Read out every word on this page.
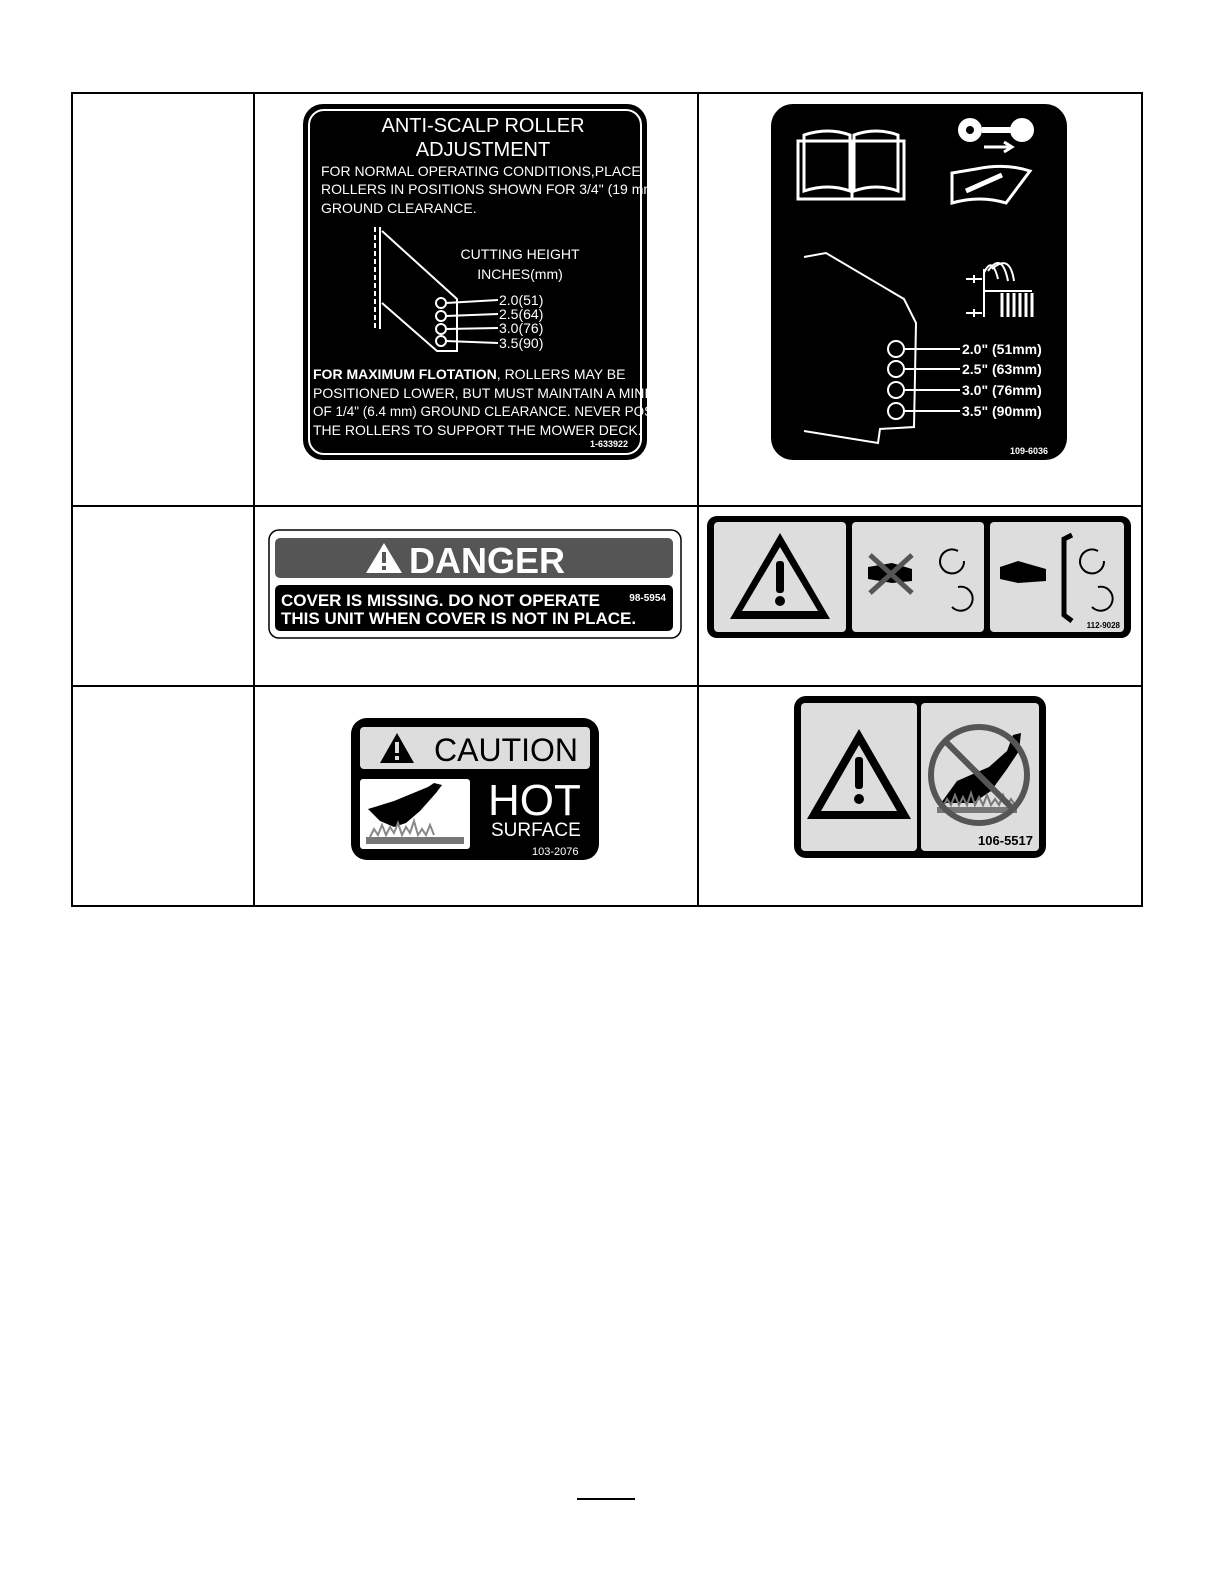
ANTI-SCALP ROLLER
ADJUSTMENT
FOR NORMAL OPERATING CONDITIONS,PLACE
ROLLERS IN POSITIONS SHOWN FOR 3/4" (19 mm)
GROUND CLEARANCE.
CUTTING HEIGHT
INCHES(mm)
2.0(51)
2.5(64)
3.0(76)
3.5(90)
FOR MAXIMUM FLOTATION, ROLLERS MAY BE
POSITIONED LOWER, BUT MUST MAINTAIN A MINIMUM
OF 1/4" (6.4 mm) GROUND CLEARANCE. NEVER POSITION
THE ROLLERS TO SUPPORT THE MOWER DECK.
1-633922
2.0" (51mm)
2.5" (63mm)
3.0" (76mm)
3.5" (90mm)
109-6036
DANGER
COVER IS MISSING. DO NOT OPERATE
THIS UNIT WHEN COVER IS NOT IN PLACE.
98-5954
112-9028
CAUTION
HOT
SURFACE
103-2076
106-5517
